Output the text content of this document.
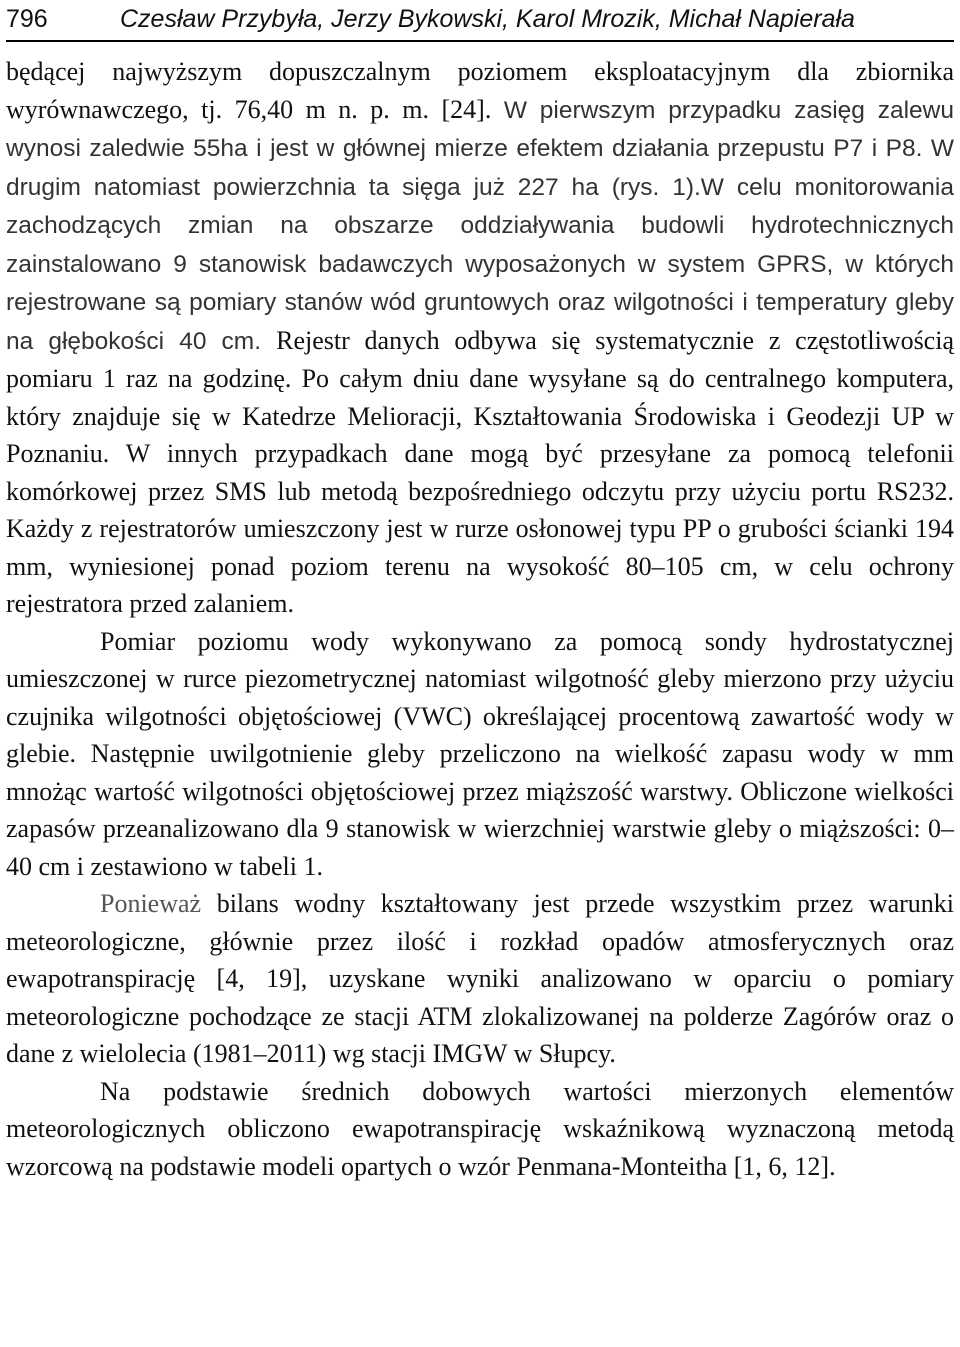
796	Czesław Przybyła, Jerzy Bykowski, Karol Mrozik, Michał Napierała

będącej najwyższym dopuszczalnym poziomem eksploatacyjnym dla zbiornika wyrównawczego, tj. 76,40 m n. p. m. [24]. W pierwszym przypadku zasięg zalewu wynosi zaledwie 55ha i jest w głównej mierze efektem działania przepustu P7 i P8. W drugim natomiast powierzchnia ta sięga już 227 ha (rys. 1).W celu monitorowania zachodzących zmian na obszarze oddziaływania budowli hydrotechnicznych zainstalowano 9 stanowisk badawczych wyposażonych w system GPRS, w których rejestrowane są pomiary stanów wód gruntowych oraz wilgotności i temperatury gleby na głębokości 40 cm. Rejestr danych odbywa się systematycznie z częstotliwością pomiaru 1 raz na godzinę. Po całym dniu dane wysyłane są do centralnego komputera, który znajduje się w Katedrze Melioracji, Kształtowania Środowiska i Geodezji UP w Poznaniu. W innych przypadkach dane mogą być przesyłane za pomocą telefonii komórkowej przez SMS lub metodą bezpośredniego odczytu przy użyciu portu RS232. Każdy z rejestratorów umieszczony jest w rurze osłonowej typu PP o grubości ścianki 194 mm, wyniesionej ponad poziom terenu na wysokość 80–105 cm, w celu ochrony rejestratora przed zalaniem.

Pomiar poziomu wody wykonywano za pomocą sondy hydrostatycznej umieszczonej w rurce piezometrycznej natomiast wilgotność gleby mierzono przy użyciu czujnika wilgotności objętościowej (VWC) określającej procentową zawartość wody w glebie. Następnie uwilgotnienie gleby przeliczono na wielkość zapasu wody w mm mnożąc wartość wilgotności objętościowej przez miąższość warstwy. Obliczone wielkości zapasów przeanalizowano dla 9 stanowisk w wierzchniej warstwie gleby o miąższości: 0–40 cm i zestawiono w tabeli 1.

Ponieważ bilans wodny kształtowany jest przede wszystkim przez warunki meteorologiczne, głównie przez ilość i rozkład opadów atmosferycznych oraz ewapotranspirację [4, 19], uzyskane wyniki analizowano w oparciu o pomiary meteorologiczne pochodzące ze stacji ATM zlokalizowanej na polderze Zagórów oraz o dane z wielolecia (1981–2011) wg stacji IMGW w Słupcy.

Na podstawie średnich dobowych wartości mierzonych elementów meteorologicznych obliczono ewapotranspirację wskaźnikową wyznaczoną metodą wzorcową na podstawie modeli opartych o wzór Penmana-Monteitha [1, 6, 12].
